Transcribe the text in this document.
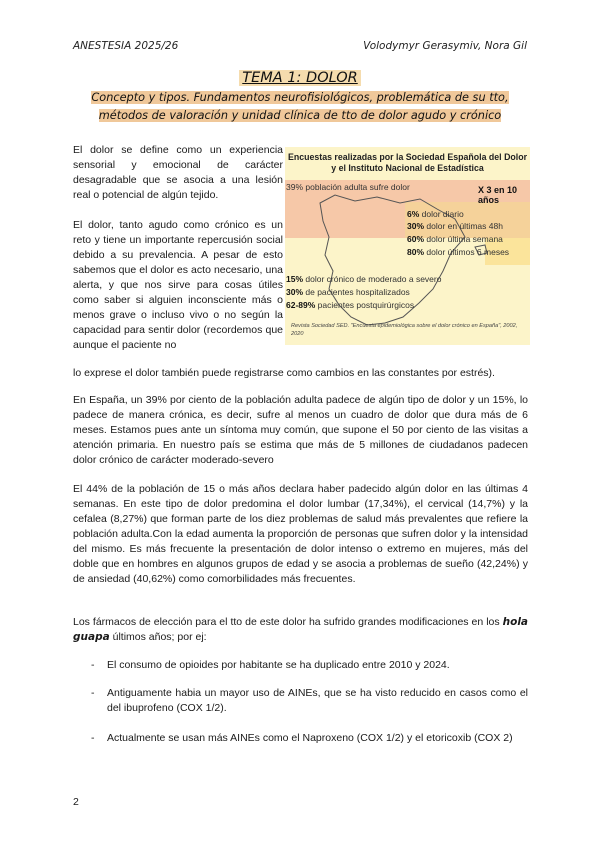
ANESTESIA 2025/26	Volodymyr Gerasymiv, Nora Gil
TEMA 1: DOLOR
Concepto y tipos. Fundamentos neurofisiológicos, problemática de su tto,
métodos de valoración y unidad clínica de tto de dolor agudo y crónico

El dolor se define como un experiencia sensorial y emocional de carácter desagradable que se asocia a una lesión real o potencial de algún tejido.

El dolor, tanto agudo como crónico es un reto y tiene un importante repercusión social debido a su prevalencia. A pesar de esto sabemos que el dolor es acto necesario, una alerta, y que nos sirve para cosas útiles como saber si alguien inconsciente más o menos grave o incluso vivo o no según la capacidad para sentir dolor (recordemos que aunque el paciente no

lo exprese el dolor también puede registrarse como cambios en las constantes por estrés).

Encuestas realizadas por la Sociedad Española del Dolor
y el Instituto Nacional de Estadística
39% población adulta sufre dolor	X 3 en 10 años
6% dolor diario
30% dolor en últimas 48h
60% dolor última semana
80% dolor últimos 6 meses
15% dolor crónico de moderado a severo
30% de pacientes hospitalizados
62-89% pacientes postquirúrgicos
Revista Sociedad SED. "Encuesta epidemiológica sobre el dolor crónico en España", 2002, 2020

En España, un 39% por ciento de la población adulta padece de algún tipo de dolor y un 15%, lo padece de manera crónica, es decir, sufre al menos un cuadro de dolor que dura más de 6 meses. Estamos pues ante un síntoma muy común, que supone el 50 por ciento de las visitas a atención primaria. En nuestro país se estima que más de 5 millones de ciudadanos padecen dolor crónico de carácter moderado-severo

El 44% de la población de 15 o más años declara haber padecido algún dolor en las últimas 4 semanas. En este tipo de dolor predomina el dolor lumbar (17,34%), el cervical (14,7%) y la cefalea (8,27%) que forman parte de los diez problemas de salud más prevalentes que refiere la población adulta.Con la edad aumenta la proporción de personas que sufren dolor y la intensidad del mismo. Es más frecuente la presentación de dolor intenso o extremo en mujeres, más del doble que en hombres en algunos grupos de edad y se asocia a problemas de sueño (42,24%) y de ansiedad (40,62%) como comorbilidades más frecuentes.

Los fármacos de elección para el tto de este dolor ha sufrido grandes modificaciones en los hola guapa últimos años; por ej:

- El consumo de opioides por habitante se ha duplicado entre 2010 y 2024.
- Antiguamente habia un mayor uso de AINEs, que se ha visto reducido en casos como el del ibuprofeno (COX 1/2).
- Actualmente se usan más AINEs como el Naproxeno (COX 1/2) y el etoricoxib (COX 2)
2
